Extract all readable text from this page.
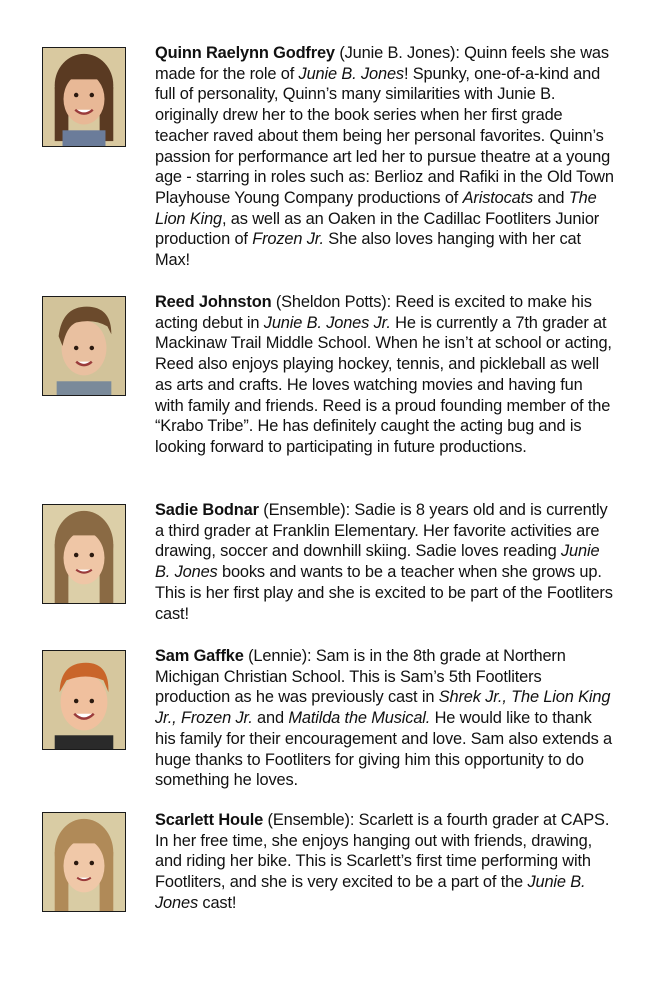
Quinn Raelynn Godfrey (Junie B. Jones): Quinn feels she was made for the role of Junie B. Jones! Spunky, one-of-a-kind and full of personality, Quinn’s many similarities with Junie B. originally drew her to the book series when her first grade teacher raved about them being her personal favorites. Quinn’s passion for performance art led her to pursue theatre at a young age - starring in roles such as: Berlioz and Rafiki in the Old Town Playhouse Young Company productions of Aristocats and The Lion King, as well as an Oaken in the Cadillac Footliters Junior production of Frozen Jr. She also loves hanging with her cat Max!

Reed Johnston (Sheldon Potts): Reed is excited to make his acting debut in Junie B. Jones Jr. He is currently a 7th grader at Mackinaw Trail Middle School. When he isn’t at school or acting, Reed also enjoys playing hockey, tennis, and pickleball as well as arts and crafts. He loves watching movies and having fun with family and friends. Reed is a proud founding member of the “Krabo Tribe”. He has definitely caught the acting bug and is looking forward to participating in future productions.

Sadie Bodnar (Ensemble): Sadie is 8 years old and is currently a third grader at Franklin Elementary. Her favorite activities are drawing, soccer and downhill skiing. Sadie loves reading Junie B. Jones books and wants to be a teacher when she grows up. This is her first play and she is excited to be part of the Footliters cast!

Sam Gaffke (Lennie): Sam is in the 8th grade at Northern Michigan Christian School. This is Sam’s 5th Footliters production as he was previously cast in Shrek Jr., The Lion King Jr., Frozen Jr. and Matilda the Musical. He would like to thank his family for their encouragement and love. Sam also extends a huge thanks to Footliters for giving him this opportunity to do something he loves.

Scarlett Houle (Ensemble): Scarlett is a fourth grader at CAPS. In her free time, she enjoys hanging out with friends, drawing, and riding her bike. This is Scarlett’s first time performing with Footliters, and she is very excited to be a part of the Junie B. Jones cast!
